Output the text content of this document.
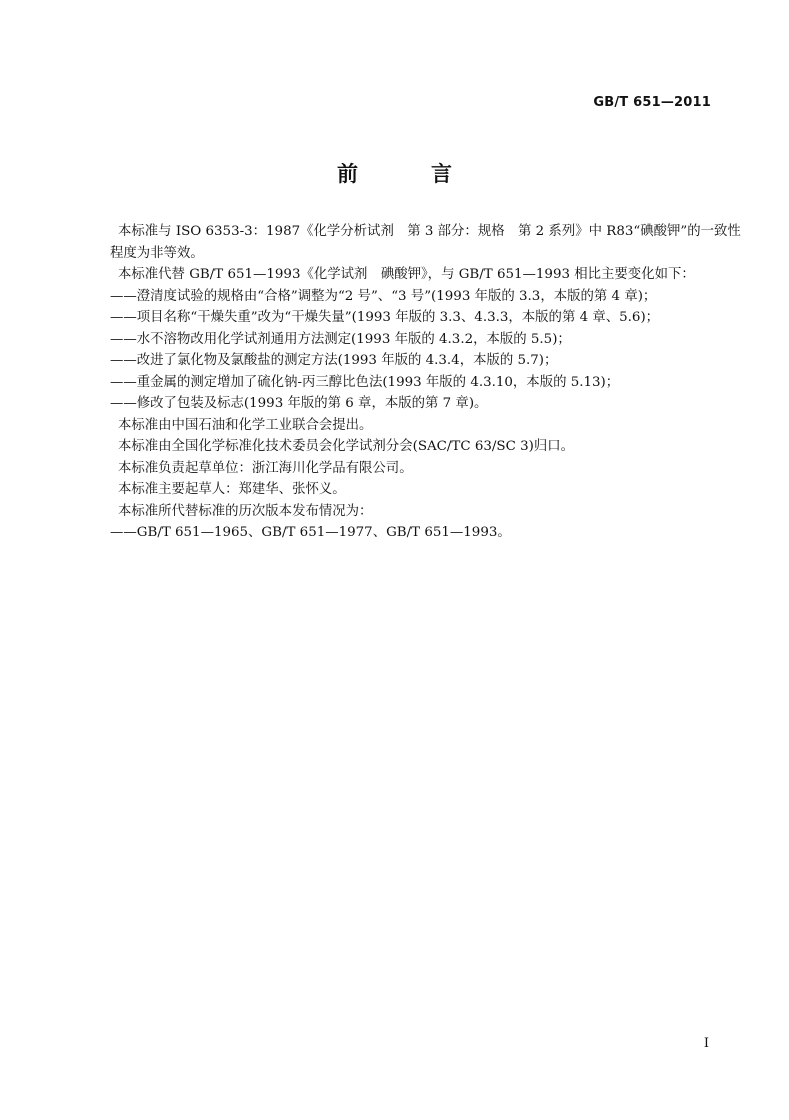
GB/T 651—2011
前　言

本标准与 ISO 6353-3：1987《化学分析试剂　第 3 部分：规格　第 2 系列》中 R83“碘酸钾”的一致性

程度为非等效。

本标准代替 GB/T 651—1993《化学试剂　碘酸钾》，与 GB/T 651—1993 相比主要变化如下：

——澄清度试验的规格由“合格”调整为“2 号”、“3 号”(1993 年版的 3.3，本版的第 4 章)；

——项目名称“干燥失重”改为“干燥失量”(1993 年版的 3.3、4.3.3，本版的第 4 章、5.6)；

——水不溶物改用化学试剂通用方法测定(1993 年版的 4.3.2，本版的 5.5)；

——改进了氯化物及氯酸盐的测定方法(1993 年版的 4.3.4，本版的 5.7)；

——重金属的测定增加了硫化钠-丙三醇比色法(1993 年版的 4.3.10，本版的 5.13)；

——修改了包装及标志(1993 年版的第 6 章，本版的第 7 章)。

本标准由中国石油和化学工业联合会提出。

本标准由全国化学标准化技术委员会化学试剂分会(SAC/TC 63/SC 3)归口。

本标准负责起草单位：浙江海川化学品有限公司。

本标准主要起草人：郑建华、张怀义。

本标准所代替标准的历次版本发布情况为：

——GB/T 651—1965、GB/T 651—1977、GB/T 651—1993。

I
